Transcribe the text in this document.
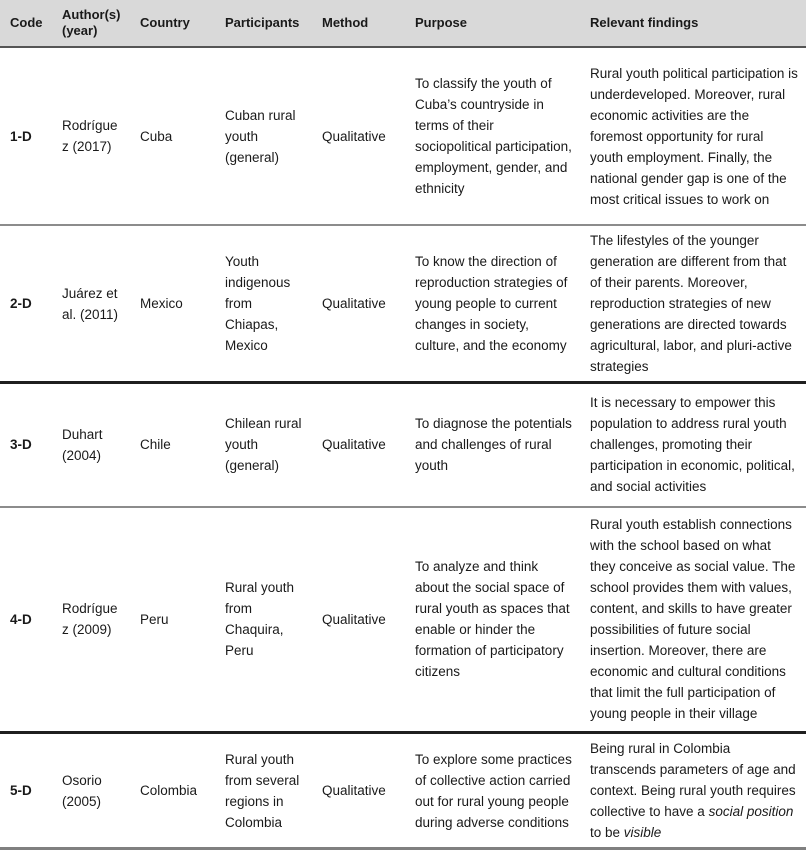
Code	Author(s) (year)	Country	Participants	Method	Purpose	Relevant findings
1-D	Rodríguez (2017)	Cuba	Cuban rural youth (general)	Qualitative	To classify the youth of Cuba’s countryside in terms of their sociopolitical participation, employment, gender, and ethnicity	Rural youth political participation is underdeveloped. Moreover, rural economic activities are the foremost opportunity for rural youth employment. Finally, the national gender gap is one of the most critical issues to work on
2-D	Juárez et al. (2011)	Mexico	Youth indigenous from Chiapas, Mexico	Qualitative	To know the direction of reproduction strategies of young people to current changes in society, culture, and the economy	The lifestyles of the younger generation are different from that of their parents. Moreover, reproduction strategies of new generations are directed towards agricultural, labor, and pluri-active strategies
3-D	Duhart (2004)	Chile	Chilean rural youth (general)	Qualitative	To diagnose the potentials and challenges of rural youth	It is necessary to empower this population to address rural youth challenges, promoting their participation in economic, political, and social activities
4-D	Rodríguez (2009)	Peru	Rural youth from Chaquira, Peru	Qualitative	To analyze and think about the social space of rural youth as spaces that enable or hinder the formation of participatory citizens	Rural youth establish connections with the school based on what they conceive as social value. The school provides them with values, content, and skills to have greater possibilities of future social insertion. Moreover, there are economic and cultural conditions that limit the full participation of young people in their village
5-D	Osorio (2005)	Colombia	Rural youth from several regions in Colombia	Qualitative	To explore some practices of collective action carried out for rural young people during adverse conditions	Being rural in Colombia transcends parameters of age and context. Being rural youth requires collective to have a social position to be visible
